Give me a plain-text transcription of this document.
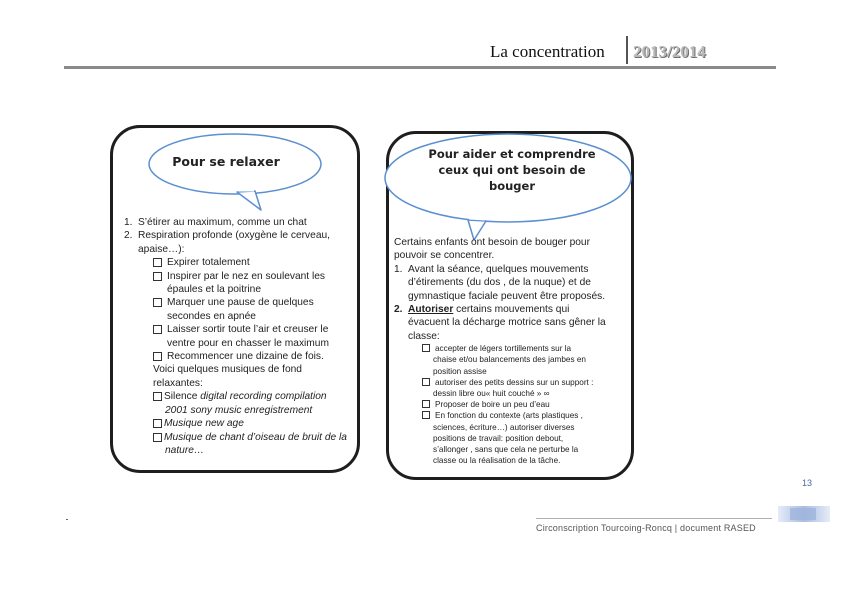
La concentration 2013/2014
Pour se relaxer
1. S’étirer au maximum, comme un chat
2. Respiration profonde (oxygène le cerveau,
apaise…):
Expirer totalement
Inspirer par le nez en soulevant les
épaules et la poitrine
Marquer une pause de quelques
secondes en apnée
Laisser sortir toute l’air et creuser le
ventre pour en chasser le maximum
Recommencer une dizaine de fois.
Voici quelques musiques de fond
relaxantes:
Silence
digital recording compilation
2001 sony music enregistrement
Musique new age
Musique de chant d’oiseau de bruit de la
nature…
Pour aider et comprendre
ceux qui ont besoin de
bouger
Certains enfants ont besoin de bouger pour
pouvoir se concentrer.
1. Avant la séance, quelques mouvements
d’étirements (du dos , de la nuque) et de
gymnastique faciale peuvent être proposés.
2. Autoriser certains mouvements qui
évacuent la décharge motrice sans gêner la
classe:
accepter de légers tortillements sur la
chaise et/ou balancements des jambes en
position assise
autoriser des petits dessins sur un support :
dessin libre ou« huit couché » ∞
Proposer de boire un peu d’eau
En fonction du contexte (arts plastiques ,
sciences, écriture…) autoriser diverses
positions de travail: position debout,
s’allonger , sans que cela ne perturbe la
classe ou la réalisation de la tâche.
13
Circonscription Tourcoing-Roncq | document RASED
